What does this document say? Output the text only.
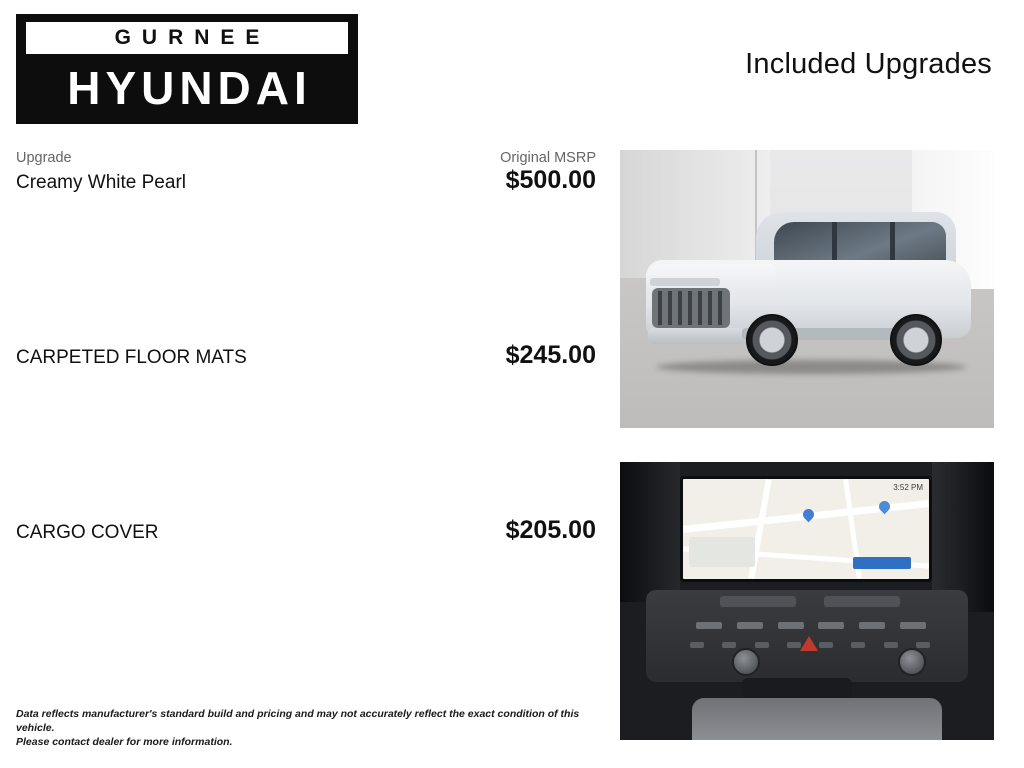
GURNEE
HYUNDAI	Included Upgrades
Upgrade	Original MSRP
Creamy White Pearl	$500.00
CARPETED FLOOR MATS	$245.00
CARGO COVER	$205.00
Data reflects manufacturer's standard build and pricing and may not accurately reflect the exact condition of this vehicle.
Please contact dealer for more information.
3:52 PM
